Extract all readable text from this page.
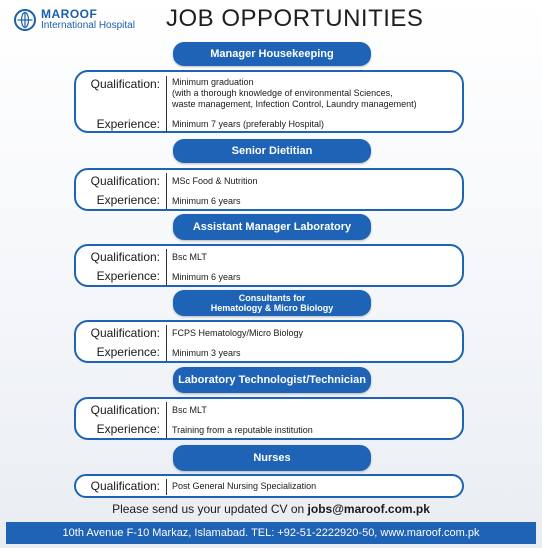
MAROOF
International Hospital JOB OPPORTUNITIES
Manager Housekeeping
Qualification: Minimum graduation
(with a thorough knowledge of environmental Sciences,
waste management, Infection Control, Laundry management)
Experience: Minimum 7 years (preferably Hospital)
Senior Dietitian
Qualification: MSc Food & Nutrition
Experience: Minimum 6 years
Assistant Manager Laboratory
Qualification: Bsc MLT
Experience: Minimum 6 years
Consultants for
Hematology & Micro Biology
Qualification: FCPS Hematology/Micro Biology
Experience: Minimum 3 years
Laboratory Technologist/Technician
Qualification: Bsc MLT
Experience: Training from a reputable institution
Nurses
Qualification: Post General Nursing Specialization
Please send us your updated CV on jobs@maroof.com.pk
10th Avenue F-10 Markaz, Islamabad. TEL: +92-51-2222920-50, www.maroof.com.pk
